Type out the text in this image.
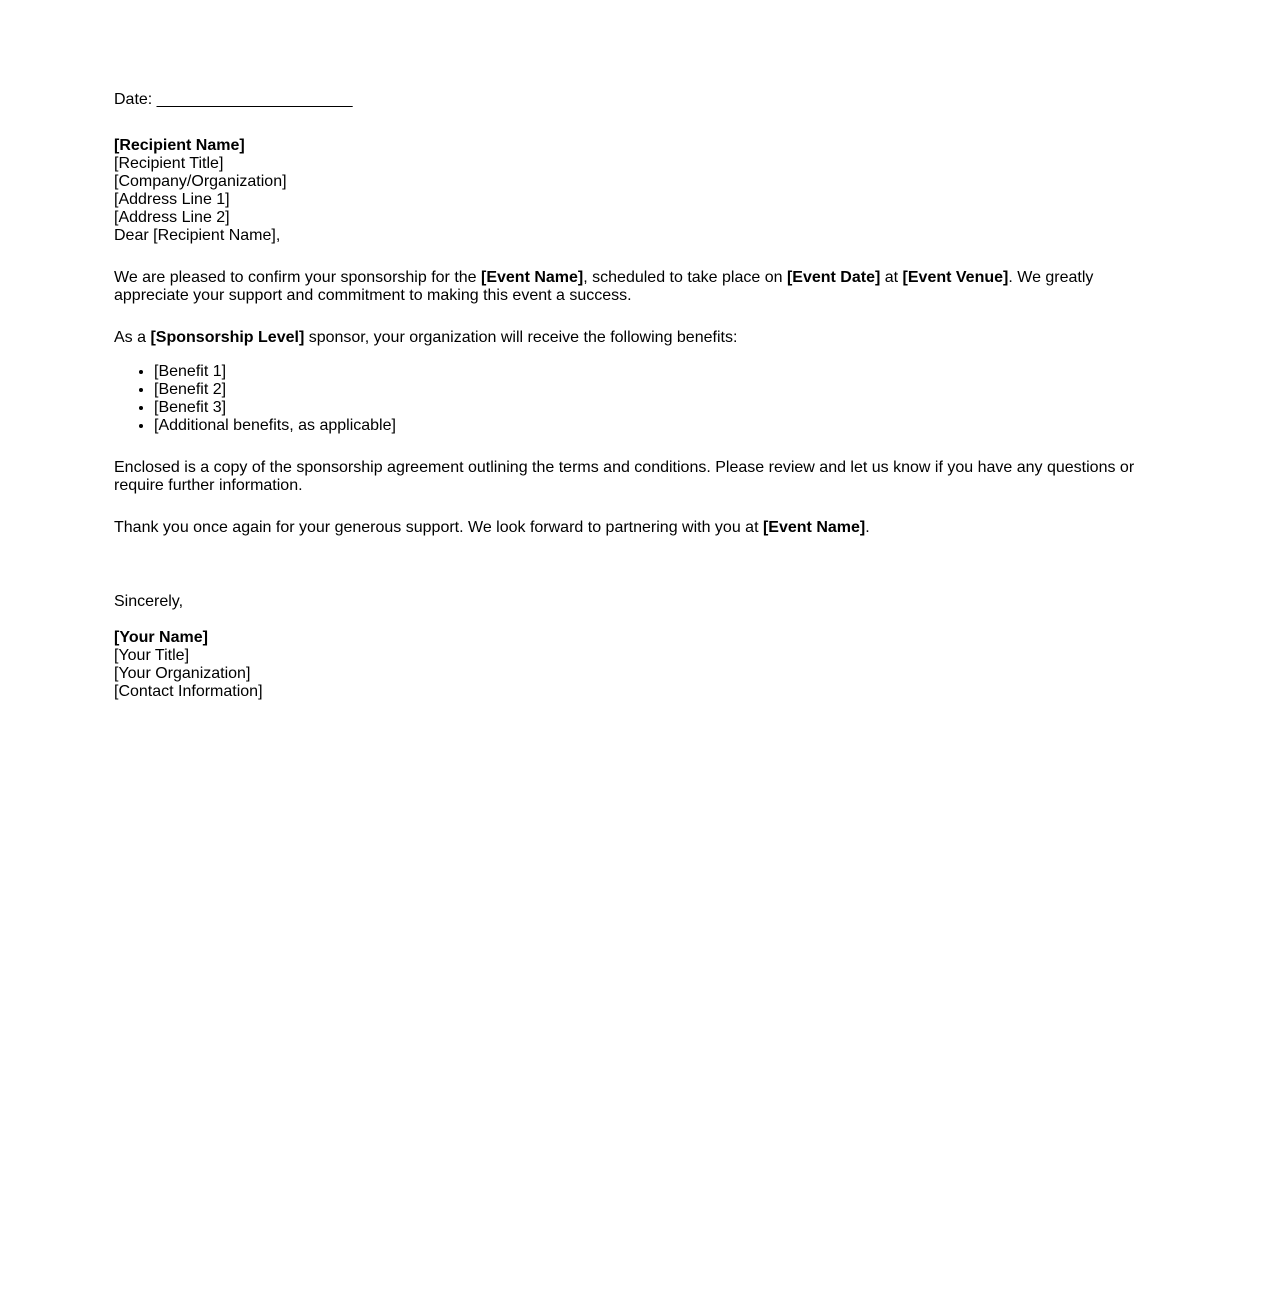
Date: ______________________

[Recipient Name]
[Recipient Title]
[Company/Organization]
[Address Line 1]
[Address Line 2]

Dear [Recipient Name],

We are pleased to confirm your sponsorship for the [Event Name], scheduled to take place on [Event Date] at [Event Venue]. We greatly appreciate your support and commitment to making this event a success.

As a [Sponsorship Level] sponsor, your organization will receive the following benefits:

• [Benefit 1]
• [Benefit 2]
• [Benefit 3]
• [Additional benefits, as applicable]

Enclosed is a copy of the sponsorship agreement outlining the terms and conditions. Please review and let us know if you have any questions or require further information.

Thank you once again for your generous support. We look forward to partnering with you at [Event Name].

Sincerely,

[Your Name]
[Your Title]
[Your Organization]
[Contact Information]
